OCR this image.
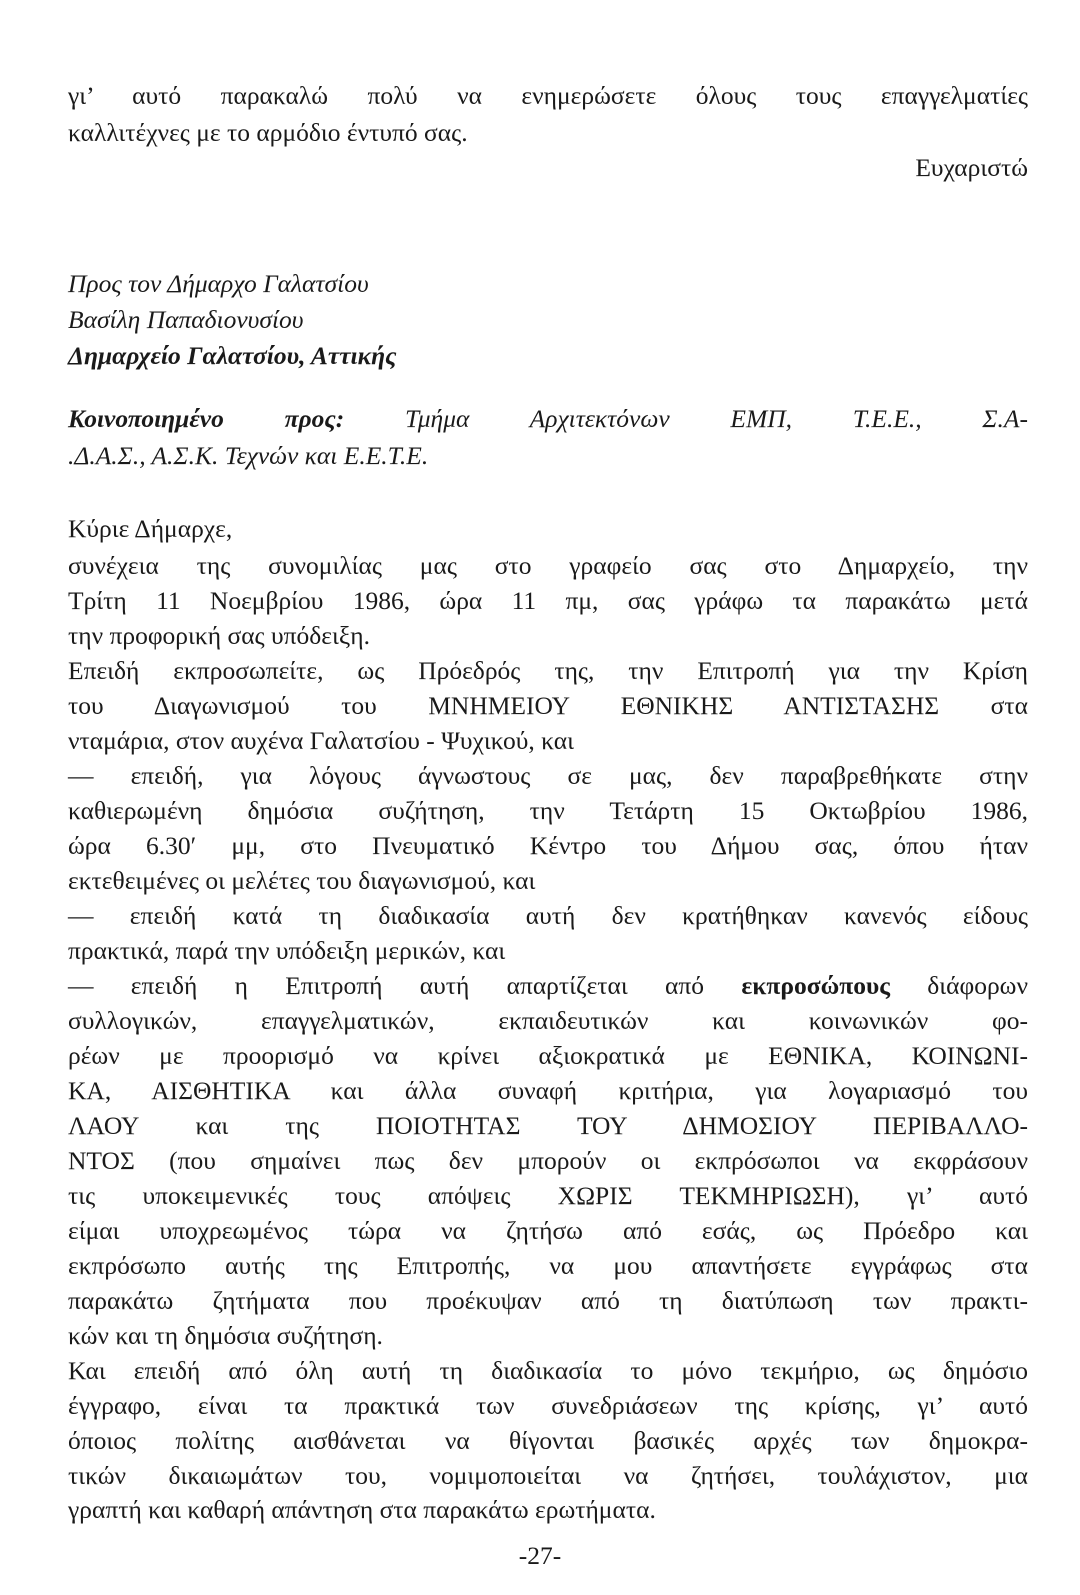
γι’ αυτό παρακαλώ πολύ να ενημερώσετε όλους τους επαγγελματίες
καλλιτέχνες με το αρμόδιο έντυπό σας.
Ευχαριστώ
Προς τον Δήμαρχο Γαλατσίου
Βασίλη Παπαδιονυσίου
Δημαρχείο Γαλατσίου, Αττικής
Κοινοποιημένο προς: Τμήμα Αρχιτεκτόνων ΕΜΠ, Τ.Ε.Ε., Σ.Α-
.Δ.Α.Σ., Α.Σ.Κ. Τεχνών και Ε.Ε.Τ.Ε.
Κύριε Δήμαρχε,
συνέχεια της συνομιλίας μας στο γραφείο σας στο Δημαρχείο, την
Τρίτη 11 Νοεμβρίου 1986, ώρα 11 πμ, σας γράφω τα παρακάτω μετά
την προφορική σας υπόδειξη.
Επειδή εκπροσωπείτε, ως Πρόεδρός της, την Επιτροπή για την Κρίση
του Διαγωνισμού του ΜΝΗΜΕΙΟΥ ΕΘΝΙΚΗΣ ΑΝΤΙΣΤΑΣΗΣ στα
νταμάρια, στον αυχένα Γαλατσίου - Ψυχικού, και
— επειδή, για λόγους άγνωστους σε μας, δεν παραβρεθήκατε στην
καθιερωμένη δημόσια συζήτηση, την Τετάρτη 15 Οκτωβρίου 1986,
ώρα 6.30′ μμ, στο Πνευματικό Κέντρο του Δήμου σας, όπου ήταν
εκτεθειμένες οι μελέτες του διαγωνισμού, και
— επειδή κατά τη διαδικασία αυτή δεν κρατήθηκαν κανενός είδους
πρακτικά, παρά την υπόδειξη μερικών, και
— επειδή η Επιτροπή αυτή απαρτίζεται από εκπροσώπους διάφορων
συλλογικών, επαγγελματικών, εκπαιδευτικών και κοινωνικών φο-
ρέων με προορισμό να κρίνει αξιοκρατικά με ΕΘΝΙΚΑ, ΚΟΙΝΩΝΙ-
ΚΑ, ΑΙΣΘΗΤΙΚΑ και άλλα συναφή κριτήρια, για λογαριασμό του
ΛΑΟΥ και της ΠΟΙΟΤΗΤΑΣ ΤΟΥ ΔΗΜΟΣΙΟΥ ΠΕΡΙΒΑΛΛΟ-
ΝΤΟΣ (που σημαίνει πως δεν μπορούν οι εκπρόσωποι να εκφράσουν
τις υποκειμενικές τους απόψεις ΧΩΡΙΣ ΤΕΚΜΗΡΙΩΣΗ), γι’ αυτό
είμαι υποχρεωμένος τώρα να ζητήσω από εσάς, ως Πρόεδρο και
εκπρόσωπο αυτής της Επιτροπής, να μου απαντήσετε εγγράφως στα
παρακάτω ζητήματα που προέκυψαν από τη διατύπωση των πρακτι-
κών και τη δημόσια συζήτηση.
Και επειδή από όλη αυτή τη διαδικασία το μόνο τεκμήριο, ως δημόσιο
έγγραφο, είναι τα πρακτικά των συνεδριάσεων της κρίσης, γι’ αυτό
όποιος πολίτης αισθάνεται να θίγονται βασικές αρχές των δημοκρα-
τικών δικαιωμάτων του, νομιμοποιείται να ζητήσει, τουλάχιστον, μια
γραπτή και καθαρή απάντηση στα παρακάτω ερωτήματα.
-27-
